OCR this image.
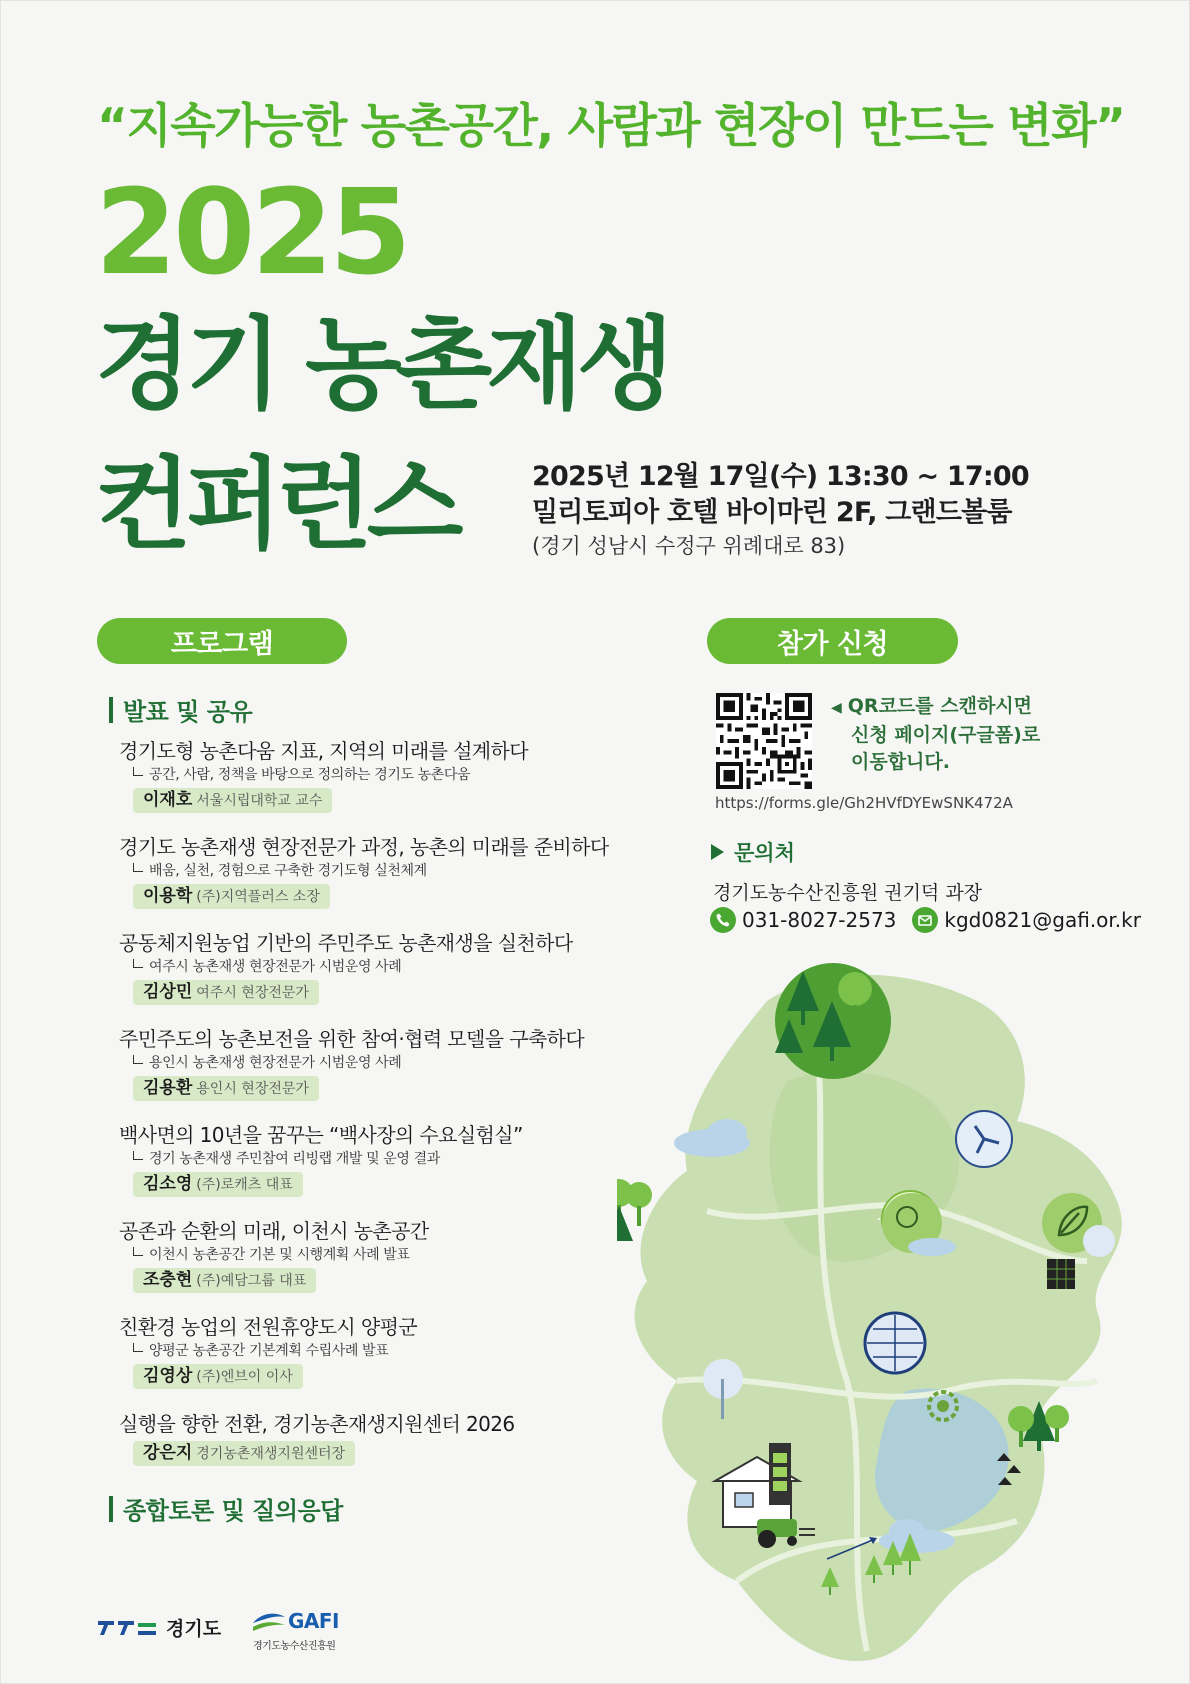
“지속가능한 농촌공간, 사람과 현장이 만드는 변화”
2025
경기 농촌재생
컨퍼런스	2025년 12월 17일(수) 13:30 ~ 17:00
밀리토피아 호텔 바이마린 2F, 그랜드볼룸
(경기 성남시 수정구 위례대로 83)
프로그램	참가 신청
발표 및 공유
경기도형 농촌다움 지표, 지역의 미래를 설계하다
공간, 사람, 정책을 바탕으로 정의하는 경기도 농촌다움
이재호 서울시립대학교 교수
경기도 농촌재생 현장전문가 과정, 농촌의 미래를 준비하다
배움, 실천, 경험으로 구축한 경기도형 실천체계
이용학 (주)지역플러스 소장
공동체지원농업 기반의 주민주도 농촌재생을 실천하다
여주시 농촌재생 현장전문가 시범운영 사례
김상민 여주시 현장전문가
주민주도의 농촌보전을 위한 참여·협력 모델을 구축하다
용인시 농촌재생 현장전문가 시범운영 사례
김용환 용인시 현장전문가
백사면의 10년을 꿈꾸는 “백사장의 수요실험실”
경기 농촌재생 주민참여 리빙랩 개발 및 운영 결과
김소영 (주)로캐츠 대표
공존과 순환의 미래, 이천시 농촌공간
이천시 농촌공간 기본 및 시행계획 사례 발표
조충현 (주)예담그룹 대표
친환경 농업의 전원휴양도시 양평군
양평군 농촌공간 기본계획 수립사례 발표
김영상 (주)엔브이 이사
실행을 향한 전환, 경기농촌재생지원센터 2026
강은지 경기농촌재생지원센터장
종합토론 및 질의응답
◀ QR코드를 스캔하시면
신청 페이지(구글폼)로
이동합니다.
https://forms.gle/Gh2HVfDYEwSNK472A
문의처
경기도농수산진흥원 권기덕 과장
031-8027-2573 kgd0821@gafi.or.kr
경기도	GAFI
경기도농수산진흥원
